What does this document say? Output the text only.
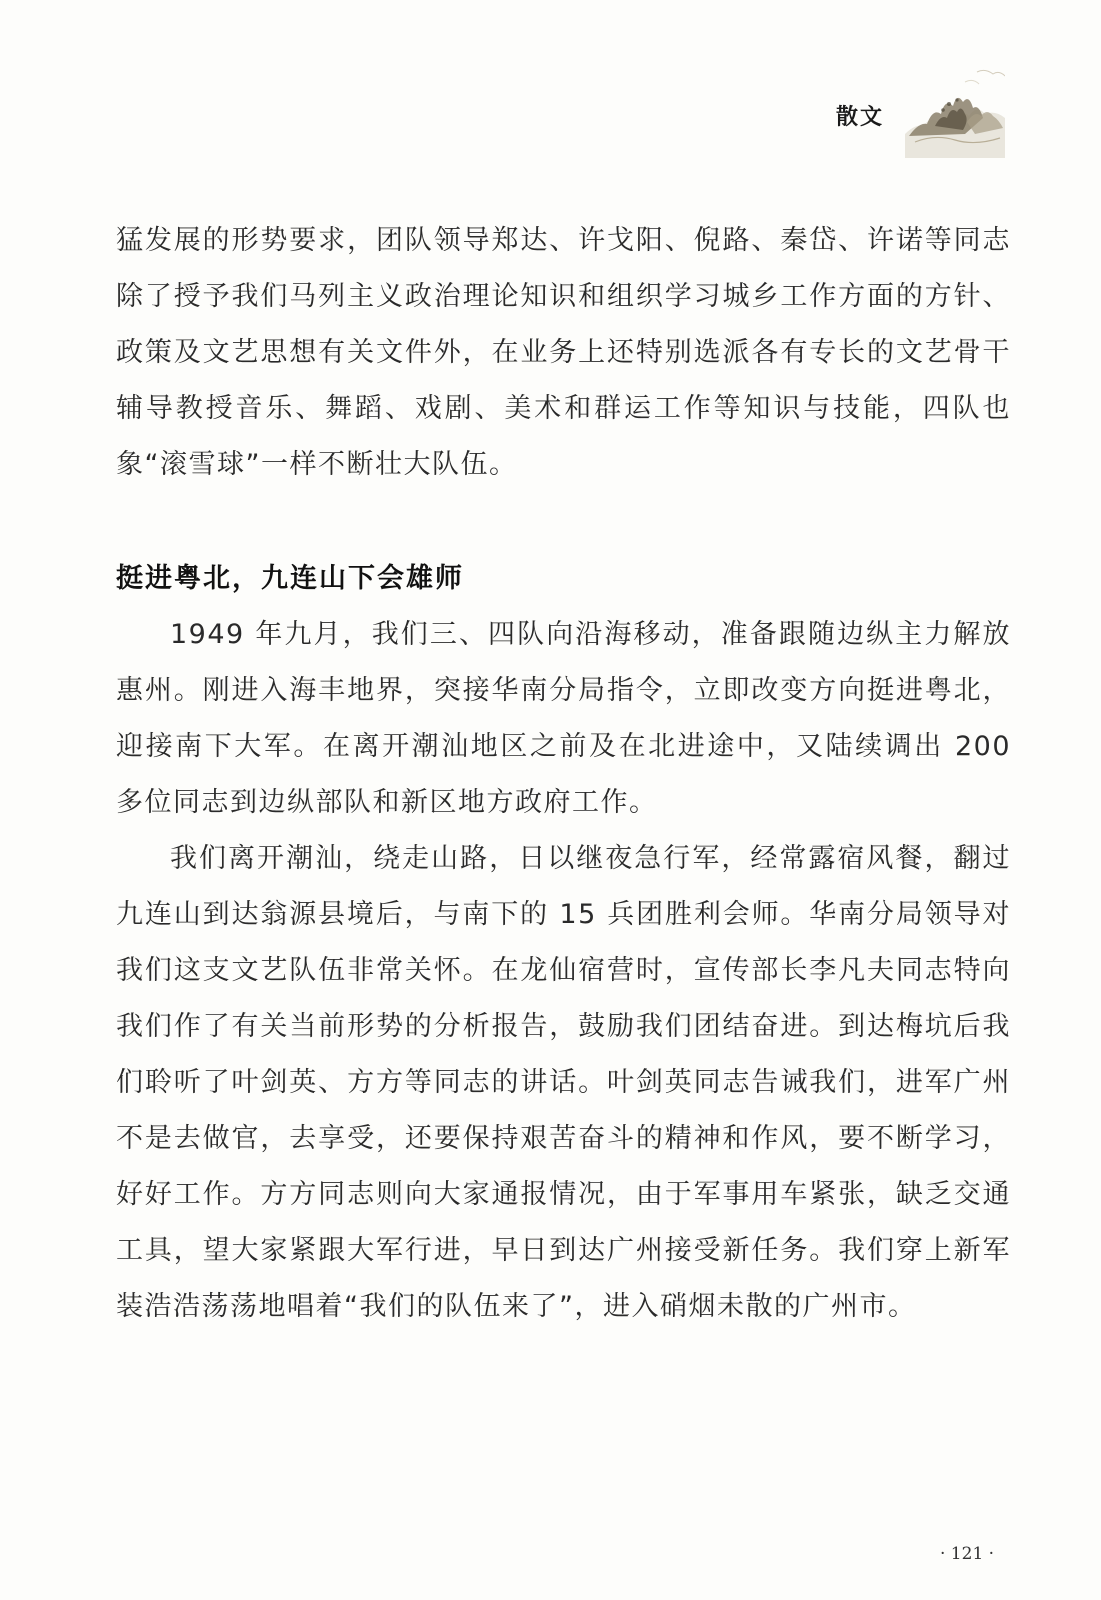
散文

猛发展的形势要求，团队领导郑达、许戈阳、倪路、秦岱、许诺等同志除了授予我们马列主义政治理论知识和组织学习城乡工作方面的方针、政策及文艺思想有关文件外，在业务上还特别选派各有专长的文艺骨干辅导教授音乐、舞蹈、戏剧、美术和群运工作等知识与技能，四队也象“滚雪球”一样不断壮大队伍。

挺进粤北，九连山下会雄师

1949 年九月，我们三、四队向沿海移动，准备跟随边纵主力解放惠州。刚进入海丰地界，突接华南分局指令，立即改变方向挺进粤北，迎接南下大军。在离开潮汕地区之前及在北进途中，又陆续调出 200 多位同志到边纵部队和新区地方政府工作。

我们离开潮汕，绕走山路，日以继夜急行军，经常露宿风餐，翻过九连山到达翁源县境后，与南下的 15 兵团胜利会师。华南分局领导对我们这支文艺队伍非常关怀。在龙仙宿营时，宣传部长李凡夫同志特向我们作了有关当前形势的分析报告，鼓励我们团结奋进。到达梅坑后我们聆听了叶剑英、方方等同志的讲话。叶剑英同志告诫我们，进军广州不是去做官，去享受，还要保持艰苦奋斗的精神和作风，要不断学习，好好工作。方方同志则向大家通报情况，由于军事用车紧张，缺乏交通工具，望大家紧跟大军行进，早日到达广州接受新任务。我们穿上新军装浩浩荡荡地唱着“我们的队伍来了”，进入硝烟未散的广州市。

· 121 ·
